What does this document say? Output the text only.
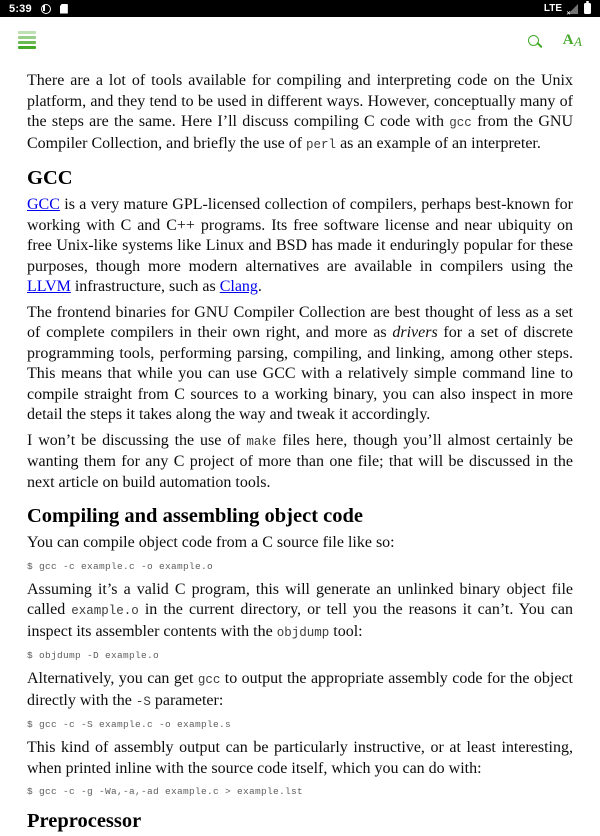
5:39	LTE
✕
AA

There are a lot of tools available for compiling and interpreting code on the Unix platform, and they tend to be used in different ways. However, conceptually many of the steps are the same. Here I’ll discuss compiling C code with gcc from the GNU Compiler Collection, and briefly the use of perl as an example of an interpreter.

GCC

GCC is a very mature GPL-licensed collection of compilers, perhaps best-known for working with C and C++ programs. Its free software license and near ubiquity on free Unix-like systems like Linux and BSD has made it enduringly popular for these purposes, though more modern alternatives are available in compilers using the LLVM infrastructure, such as Clang.

The frontend binaries for GNU Compiler Collection are best thought of less as a set of complete compilers in their own right, and more as drivers for a set of discrete programming tools, performing parsing, compiling, and linking, among other steps. This means that while you can use GCC with a relatively simple command line to compile straight from C sources to a working binary, you can also inspect in more detail the steps it takes along the way and tweak it accordingly.

I won’t be discussing the use of make files here, though you’ll almost certainly be wanting them for any C project of more than one file; that will be discussed in the next article on build automation tools.

Compiling and assembling object code

You can compile object code from a C source file like so:

$ gcc -c example.c -o example.o

Assuming it’s a valid C program, this will generate an unlinked binary object file called example.o in the current directory, or tell you the reasons it can’t. You can inspect its assembler contents with the objdump tool:

$ objdump -D example.o

Alternatively, you can get gcc to output the appropriate assembly code for the object directly with the -S parameter:

$ gcc -c -S example.c -o example.s

This kind of assembly output can be particularly instructive, or at least interesting, when printed inline with the source code itself, which you can do with:

$ gcc -c -g -Wa,-a,-ad example.c > example.lst
Preprocessor
